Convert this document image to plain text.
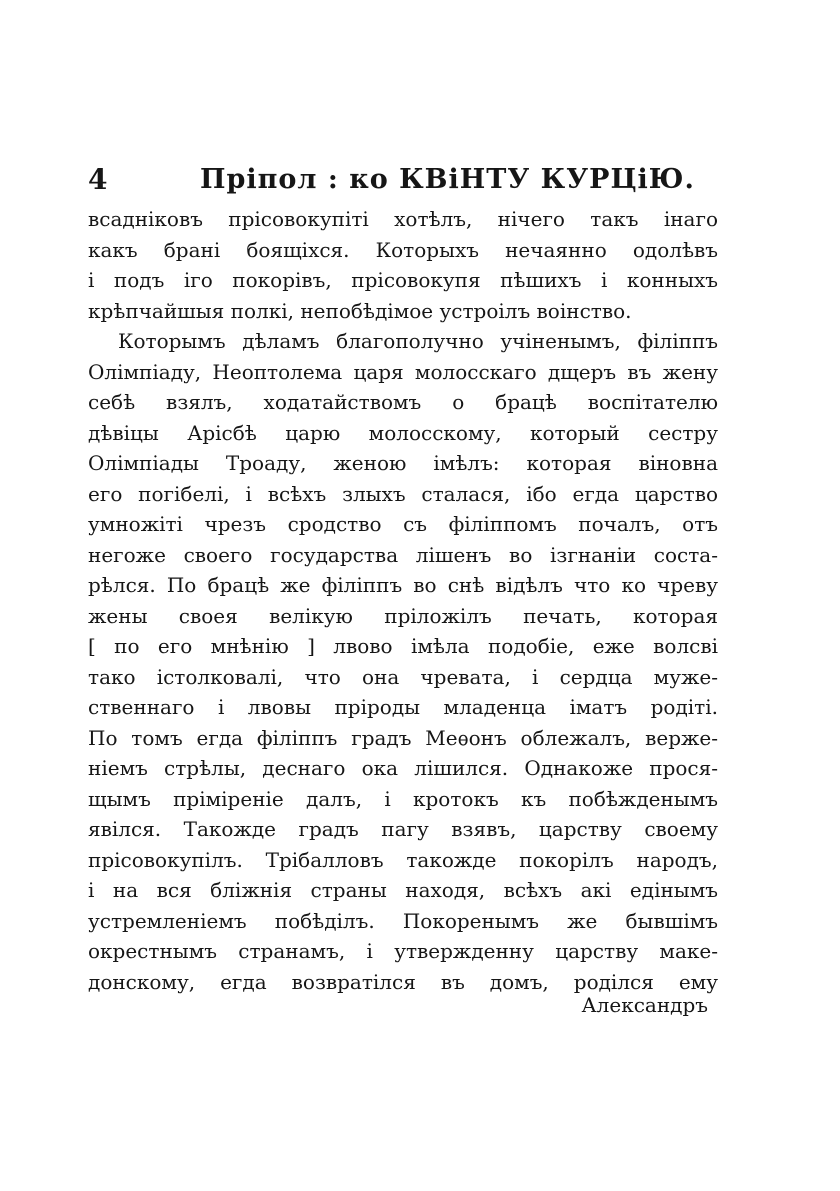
4	Прiпол : ко КВiНТУ КУРЦiЮ.
всаднiковъ прiсовокупiтi хотѣлъ, нiчего такъ iнаго
какъ бранi боящiхся. Которыхъ нечаянно одолѣвъ
i подъ iго покорiвъ, прiсовокупя пѣшихъ i конныхъ
крѣпчайшыя полкi, непобѣдiмое устроiлъ воiнство.
Которымъ дѣламъ благополучно учiненымъ, фiлiппъ
Олiмпiаду, Неоптолема царя молосскаго дщеръ въ жену
себѣ взялъ, ходатайствомъ о брацѣ воспiтателю
дѣвiцы Арiсбѣ царю молосскому, который сестру
Олiмпiады Троаду, женою iмѣлъ: которая вiновна
его погiбелi, i всѣхъ злыхъ сталася, iбо егда царство
умножiтi чрезъ сродство съ фiлiппомъ почалъ, отъ
негоже своего государства лiшенъ во iзгнанiи соста-
рѣлся. По брацѣ же фiлiппъ во снѣ вiдѣлъ что ко чреву
жены своея велiкую прiложiлъ печать, которая
[ по его мнѣнiю ] лвово iмѣла подобiе, еже волсвi
тако iстолковалi, что она чревата, i сердца муже-
ственнаго i лвовы прiроды младенца iматъ родiтi.
По томъ егда фiлiппъ градъ Меѳонъ облежалъ, верже-
нiемъ стрѣлы, деснаго ока лiшился. Однакоже прося-
щымъ прiмiренiе далъ, i кротокъ къ побѣжденымъ
явiлся. Такожде градъ пагу взявъ, царству своему
прiсовокупiлъ. Трiбалловъ такожде покорiлъ народъ,
i на вся блiжнiя страны находя, всѣхъ акi едiнымъ
устремленiемъ побѣдiлъ. Покоренымъ же бывшiмъ
окрестнымъ странамъ, i утвержденну царству маке-
донскому, егда возвратiлся въ домъ, родiлся ему
Александръ
